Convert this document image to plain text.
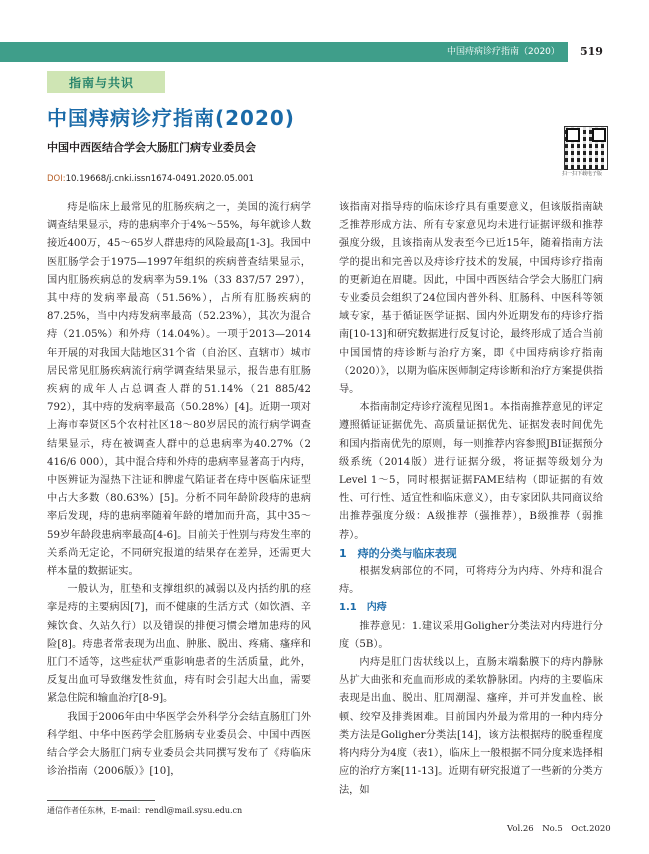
中国痔病诊疗指南（2020） 519
指南与共识
中国痔病诊疗指南(2020)
中国中西医结合学会大肠肛门病专业委员会
扫一扫下载电子版
DOI:10.19668/j.cnki.issn1674-0491.2020.05.001

痔是临床上最常见的肛肠疾病之一，美国的流行病学调查结果显示，痔的患病率介于4%～55%，每年就诊人数接近400万，45～65岁人群患痔的风险最高[1-3]。我国中医肛肠学会于1975—1997年组织的疾病普查结果显示，国内肛肠疾病总的发病率为59.1%（33 837/57 297），其中痔的发病率最高（51.56%），占所有肛肠疾病的87.25%，当中内痔发病率最高（52.23%），其次为混合痔（21.05%）和外痔（14.04%）。一项于2013—2014年开展的对我国大陆地区31个省（自治区、直辖市）城市居民常见肛肠疾病流行病学调查结果显示，报告患有肛肠疾病的成年人占总调查人群的51.14%（21 885/42 792），其中痔的发病率最高（50.28%）[4]。近期一项对上海市奉贤区5个农村社区18～80岁居民的流行病学调查结果显示，痔在被调查人群中的总患病率为40.27%（2 416/6 000），其中混合痔和外痔的患病率显著高于内痔，中医辨证为湿热下注证和脾虚气陷证者在痔中医临床证型中占大多数（80.63%）[5]。分析不同年龄阶段痔的患病率后发现，痔的患病率随着年龄的增加而升高，其中35～59岁年龄段患病率最高[4-6]。目前关于性别与痔发生率的关系尚无定论，不同研究报道的结果存在差异，还需更大样本量的数据证实。

一般认为，肛垫和支撑组织的减弱以及内括约肌的痉挛是痔的主要病因[7]，而不健康的生活方式（如饮酒、辛辣饮食、久站久行）以及错误的排便习惯会增加患痔的风险[8]。痔患者常表现为出血、肿胀、脱出、疼痛、瘙痒和肛门不适等，这些症状严重影响患者的生活质量，此外，反复出血可导致继发性贫血，痔有时会引起大出血，需要紧急住院和输血治疗[8-9]。

我国于2006年由中华医学会外科学分会结直肠肛门外科学组、中华中医药学会肛肠病专业委员会、中国中西医结合学会大肠肛门病专业委员会共同撰写发布了《痔临床诊治指南（2006版）》[10]，

该指南对指导痔的临床诊疗具有重要意义，但该版指南缺乏推荐形成方法、所有专家意见均未进行证据评级和推荐强度分级，且该指南从发表至今已近15年，随着指南方法学的提出和完善以及痔诊疗技术的发展，中国痔诊疗指南的更新迫在眉睫。因此，中国中西医结合学会大肠肛门病专业委员会组织了24位国内普外科、肛肠科、中医科等领域专家，基于循证医学证据、国内外近期发布的痔诊疗指南[10-13]和研究数据进行反复讨论，最终形成了适合当前中国国情的痔诊断与治疗方案，即《中国痔病诊疗指南（2020）》，以期为临床医师制定痔诊断和治疗方案提供指导。

本指南制定痔诊疗流程见图1。本指南推荐意见的评定遵照循证证据优先、高质量证据优先、证据发表时间优先和国内指南优先的原则，每一则推荐内容参照JBI证据预分级系统（2014版）进行证据分级，将证据等级划分为Level 1～5，同时根据证据FAME结构（即证据的有效性、可行性、适宜性和临床意义），由专家团队共同商议给出推荐强度分级：A级推荐（强推荐），B级推荐（弱推荐）。

1　痔的分类与临床表现

根据发病部位的不同，可将痔分为内痔、外痔和混合痔。

1.1　内痔

推荐意见：1.建议采用Goligher分类法对内痔进行分度（5B）。

内痔是肛门齿状线以上，直肠末端黏膜下的痔内静脉丛扩大曲张和充血而形成的柔软静脉团。内痔的主要临床表现是出血、脱出、肛周潮湿、瘙痒，并可并发血栓、嵌顿、绞窄及排粪困难。目前国内外最为常用的一种内痔分类方法是Goligher分类法[14]，该方法根据痔的脱垂程度将内痔分为4度（表1），临床上一般根据不同分度来选择相应的治疗方案[11-13]。近期有研究报道了一些新的分类方法，如

通信作者任东林，E-mail：rendl@mail.sysu.edu.cn
Vol.26　No.5　Oct.2020
